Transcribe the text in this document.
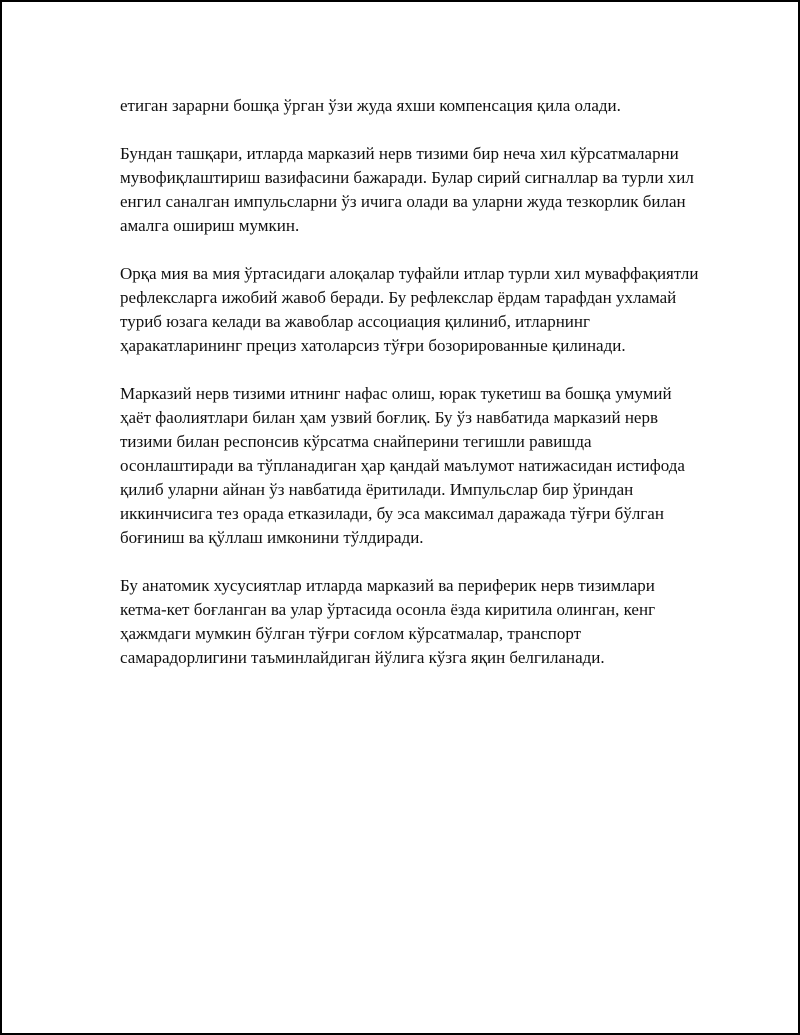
етиган зарарни бошқа ўрган ўзи жуда яхши компенсация қила олади.

Бундан ташқари, итларда марказий нерв тизими бир неча хил кўрсатмаларни мувофиқлаштириш вазифасини бажаради. Булар сирий сигналлар ва турли хил енгил саналган импульсларни ўз ичига олади ва уларни жуда тезкорлик билан амалга ошириш мумкин.

Орқа мия ва мия ўртасидаги алоқалар туфайли итлар турли хил муваффақиятли рефлексларга ижобий жавоб беради. Бу рефлекслар ёрдам тарафдан ухламай туриб юзага келади ва жавоблар ассоциация қилиниб, итларнинг ҳаракатларининг прециз хатоларсиз тўғри бозорированные қилинади.

Марказий нерв тизими итнинг нафас олиш, юрак тукетиш ва бошқа умумий ҳаёт фаолиятлари билан ҳам узвий боғлиқ. Бу ўз навбатида марказий нерв тизими билан респонсив кўрсатма снайперини тегишли равишда осонлаштиради ва тўпланадиган ҳар қандай маълумот натижасидан истифода қилиб уларни айнан ўз навбатида ёритилади. Импульслар бир ўриндан иккинчисига тез орада етказилади, бу эса максимал даражада тўғри бўлган боғиниш ва қўллаш имконини тўлдиради.

Бу анатомик хусусиятлар итларда марказий ва периферик нерв тизимлари кетма-кет боғланган ва улар ўртасида осонла ёзда киритила олинган, кенг ҳажмдаги мумкин бўлган тўғри соғлом кўрсатмалар, транспорт самарадорлигини таъминлайдиган йўлига кўзга яқин белгиланади.
